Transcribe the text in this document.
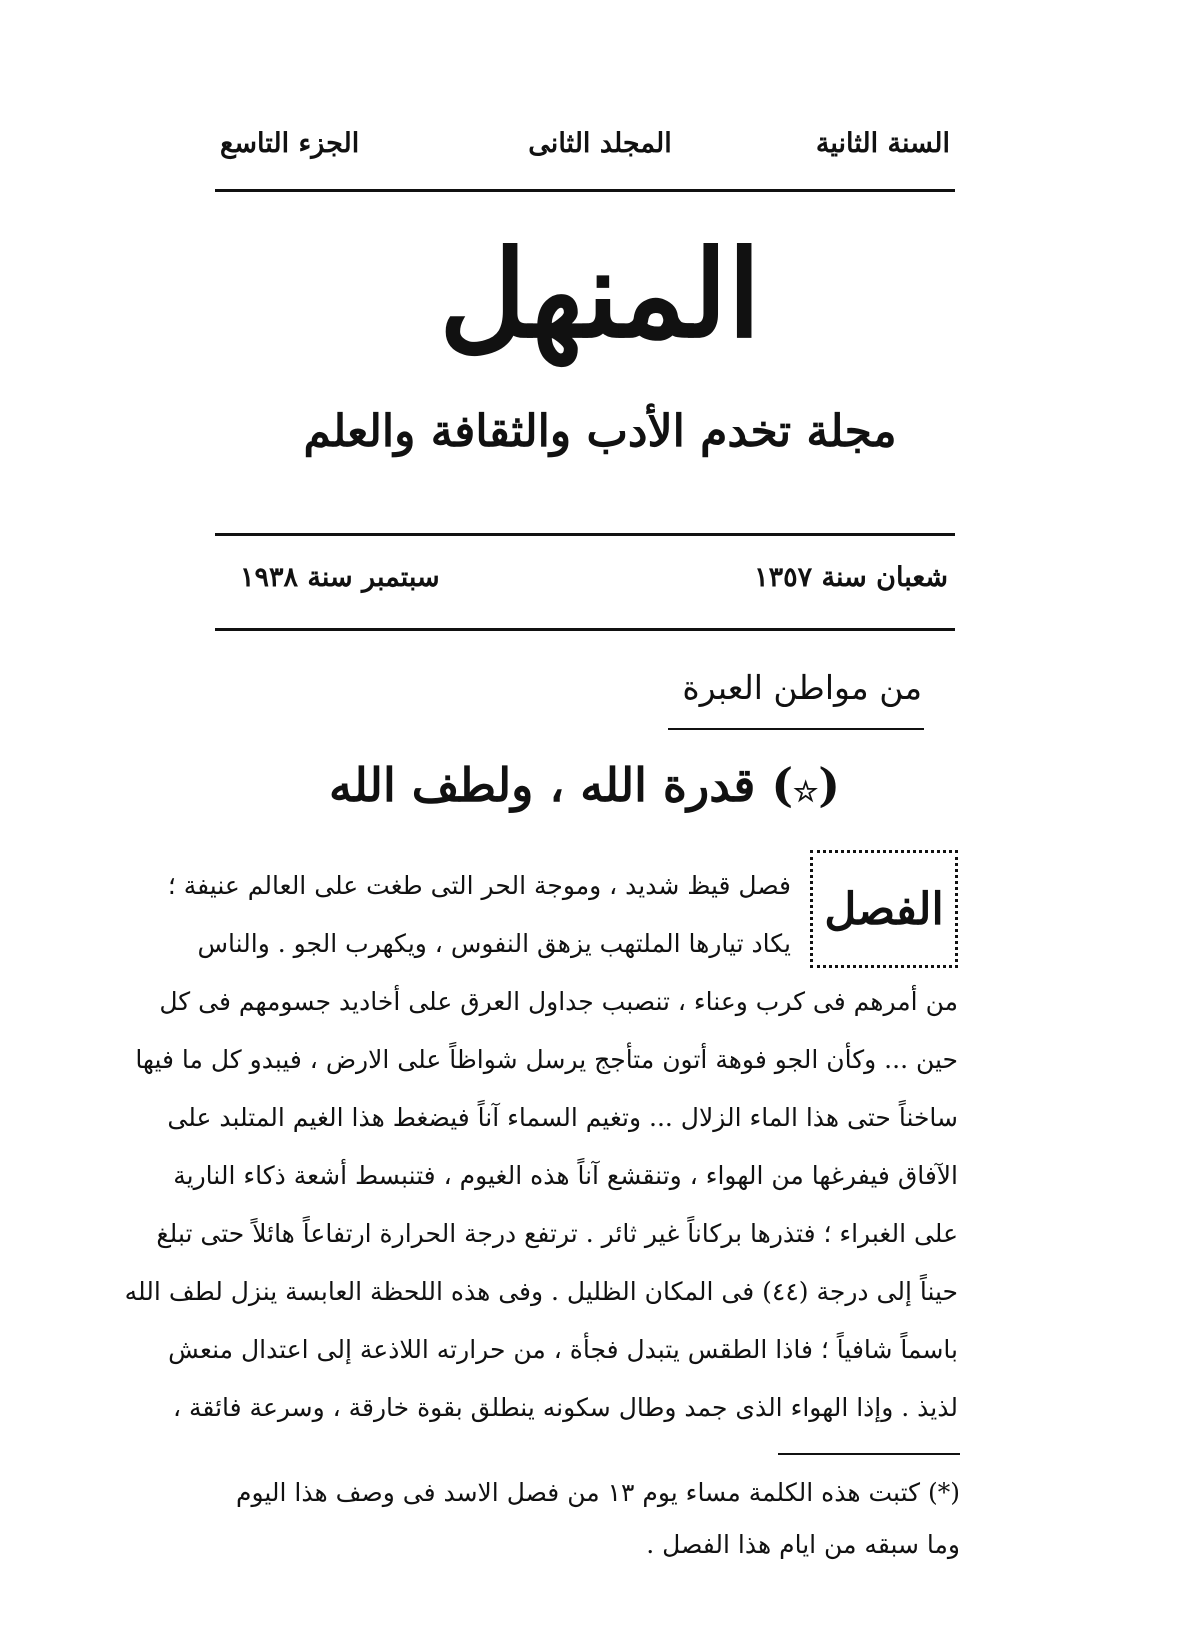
السنة الثانية
المجلد الثانى
الجزء التاسع
المنهل
مجلة تخدم الأدب والثقافة والعلم
شعبان سنة ١٣٥٧
سبتمبر سنة ١٩٣٨
من مواطن العبرة
(☆) قدرة الله ، ولطف الله
الفصل
فصل قيظ شديد ، وموجة الحر التى طغت على العالم عنيفة ؛
يكاد تيارها الملتهب يزهق النفوس ، ويكهرب الجو . والناس
من أمرهم فى كرب وعناء ، تنصبب جداول العرق على أخاديد جسومهم فى كل
حين ... وكأن الجو فوهة أتون متأجج يرسل شواظاً على الارض ، فيبدو كل ما فيها
ساخناً حتى هذا الماء الزلال ... وتغيم السماء آناً فيضغط هذا الغيم المتلبد على
الآفاق فيفرغها من الهواء ، وتنقشع آناً هذه الغيوم ، فتنبسط أشعة ذكاء النارية
على الغبراء ؛ فتذرها بركاناً غير ثائر . ترتفع درجة الحرارة ارتفاعاً هائلاً حتى تبلغ
حيناً إلى درجة (٤٤) فى المكان الظليل . وفى هذه اللحظة العابسة ينزل لطف الله
باسماً شافياً ؛ فاذا الطقس يتبدل فجأة ، من حرارته اللاذعة إلى اعتدال منعش
لذيذ . وإذا الهواء الذى جمد وطال سكونه ينطلق بقوة خارقة ، وسرعة فائقة ،
(*) كتبت هذه الكلمة مساء يوم ١٣ من فصل الاسد فى وصف هذا اليوم
وما سبقه من ايام هذا الفصل .
